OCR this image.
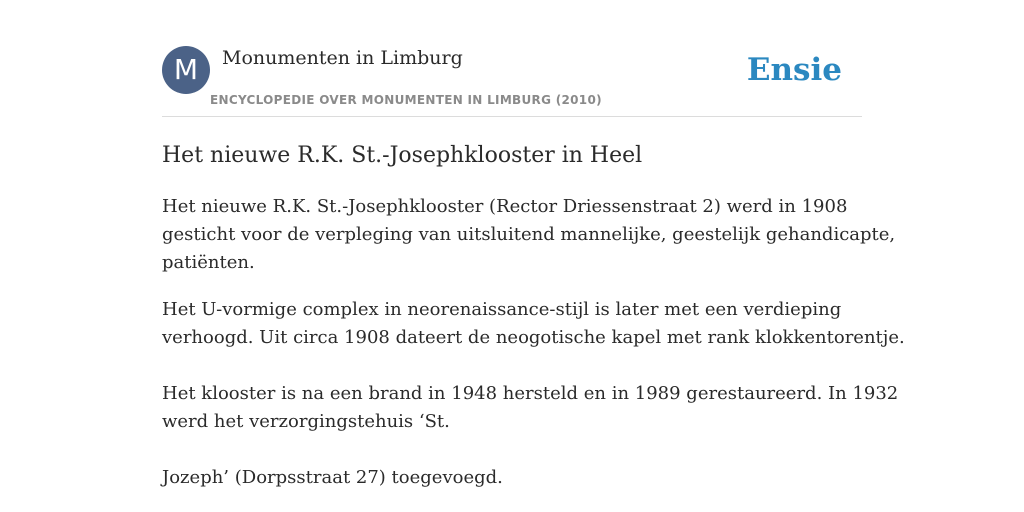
M	Monumenten in Limburg
ENCYCLOPEDIE OVER MONUMENTEN IN LIMBURG (2010)
Ensie
Het nieuwe R.K. St.-Josephklooster in Heel

Het nieuwe R.K. St.-Josephklooster (Rector Driessenstraat 2) werd in 1908
gesticht voor de verpleging van uitsluitend mannelijke, geestelijk gehandicapte,
patiënten.

Het U-vormige complex in neorenaissance-stijl is later met een verdieping
verhoogd. Uit circa 1908 dateert de neogotische kapel met rank klokkentorentje.

Het klooster is na een brand in 1948 hersteld en in 1989 gerestaureerd. In 1932
werd het verzorgingstehuis ‘St.

Jozeph’ (Dorpsstraat 27) toegevoegd.
